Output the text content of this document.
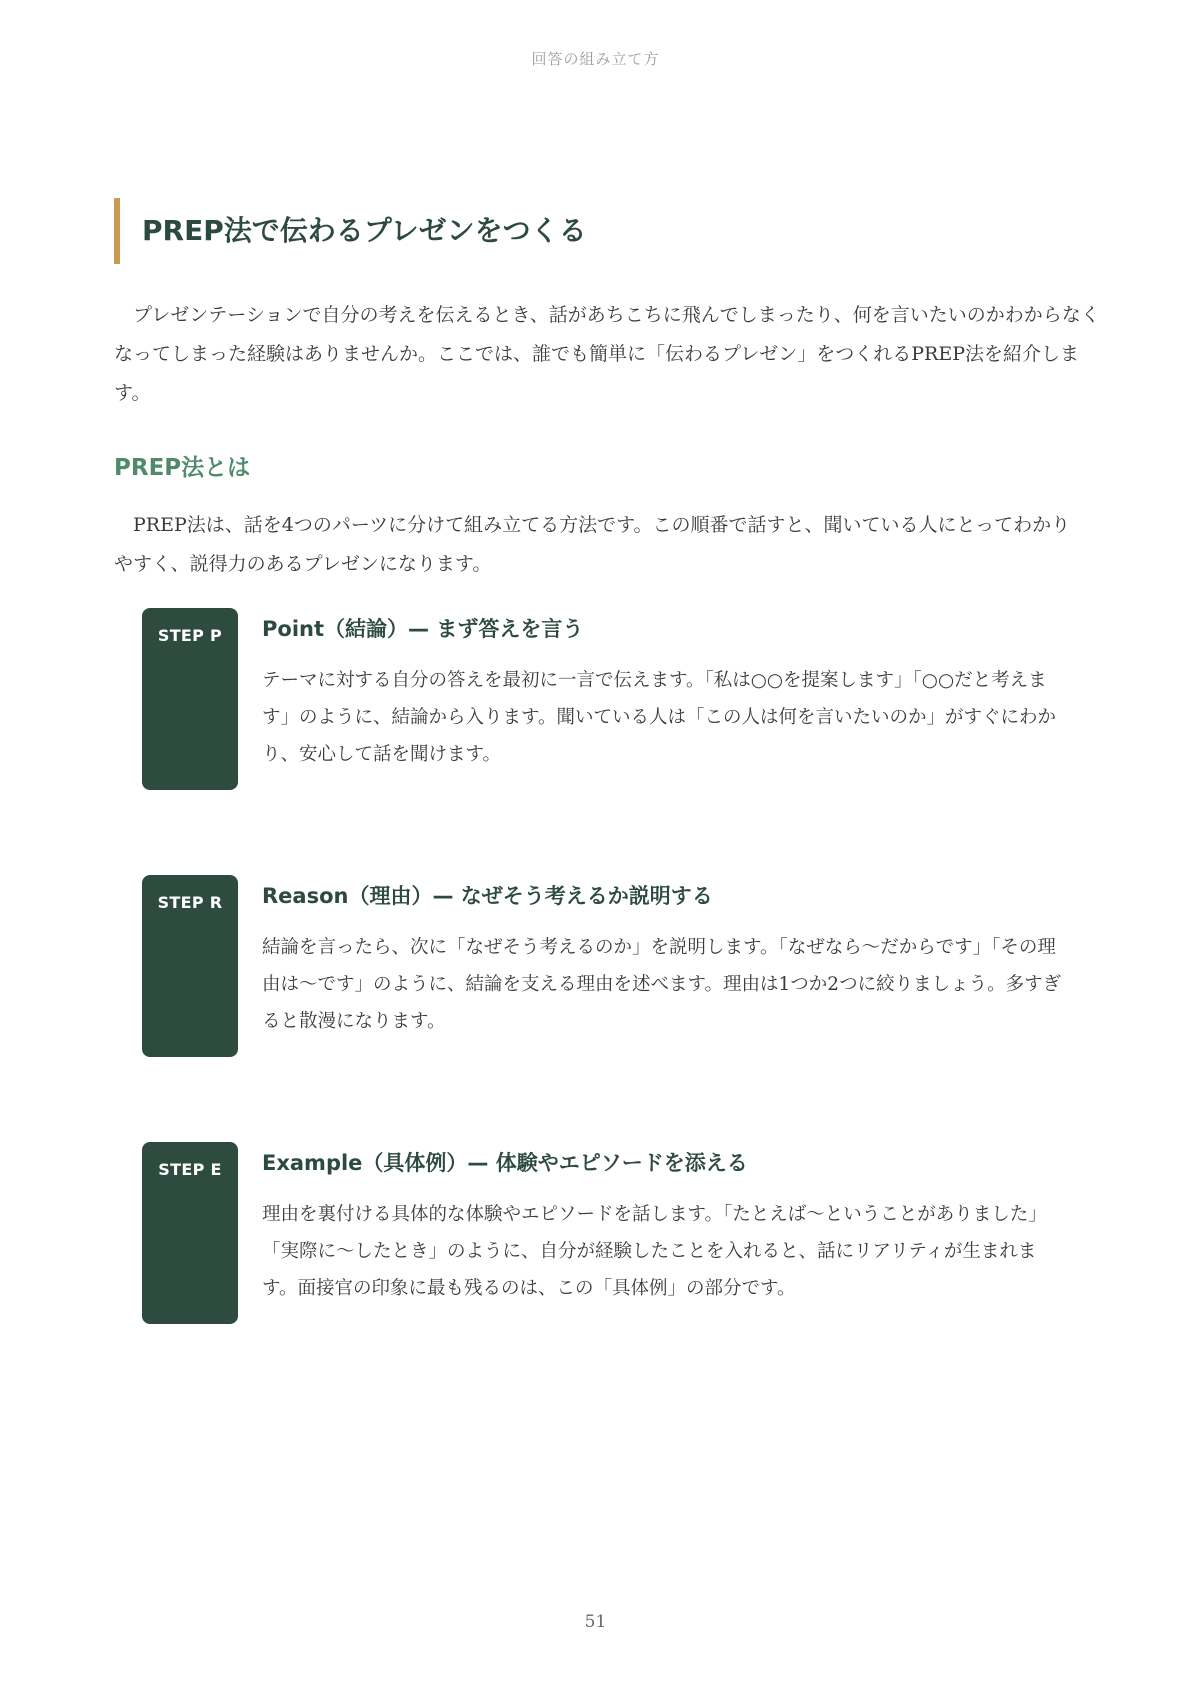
回答の組み立て方
PREP法で伝わるプレゼンをつくる

プレゼンテーションで自分の考えを伝えるとき、話があちこちに飛んでしまったり、何を言いたいのかわからなくなってしまった経験はありませんか。ここでは、誰でも簡単に「伝わるプレゼン」をつくれるPREP法を紹介します。

PREP法とは

PREP法は、話を4つのパーツに分けて組み立てる方法です。この順番で話すと、聞いている人にとってわかりやすく、説得力のあるプレゼンになります。

STEP P	Point（結論）— まず答えを言う

テーマに対する自分の答えを最初に一言で伝えます。「私は○○を提案します」「○○だと考えます」のように、結論から入ります。聞いている人は「この人は何を言いたいのか」がすぐにわかり、安心して話を聞けます。

STEP R	Reason（理由）— なぜそう考えるか説明する

結論を言ったら、次に「なぜそう考えるのか」を説明します。「なぜなら〜だからです」「その理由は〜です」のように、結論を支える理由を述べます。理由は1つか2つに絞りましょう。多すぎると散漫になります。

STEP E	Example（具体例）— 体験やエピソードを添える

理由を裏付ける具体的な体験やエピソードを話します。「たとえば〜ということがありました」「実際に〜したとき」のように、自分が経験したことを入れると、話にリアリティが生まれます。面接官の印象に最も残るのは、この「具体例」の部分です。

51
